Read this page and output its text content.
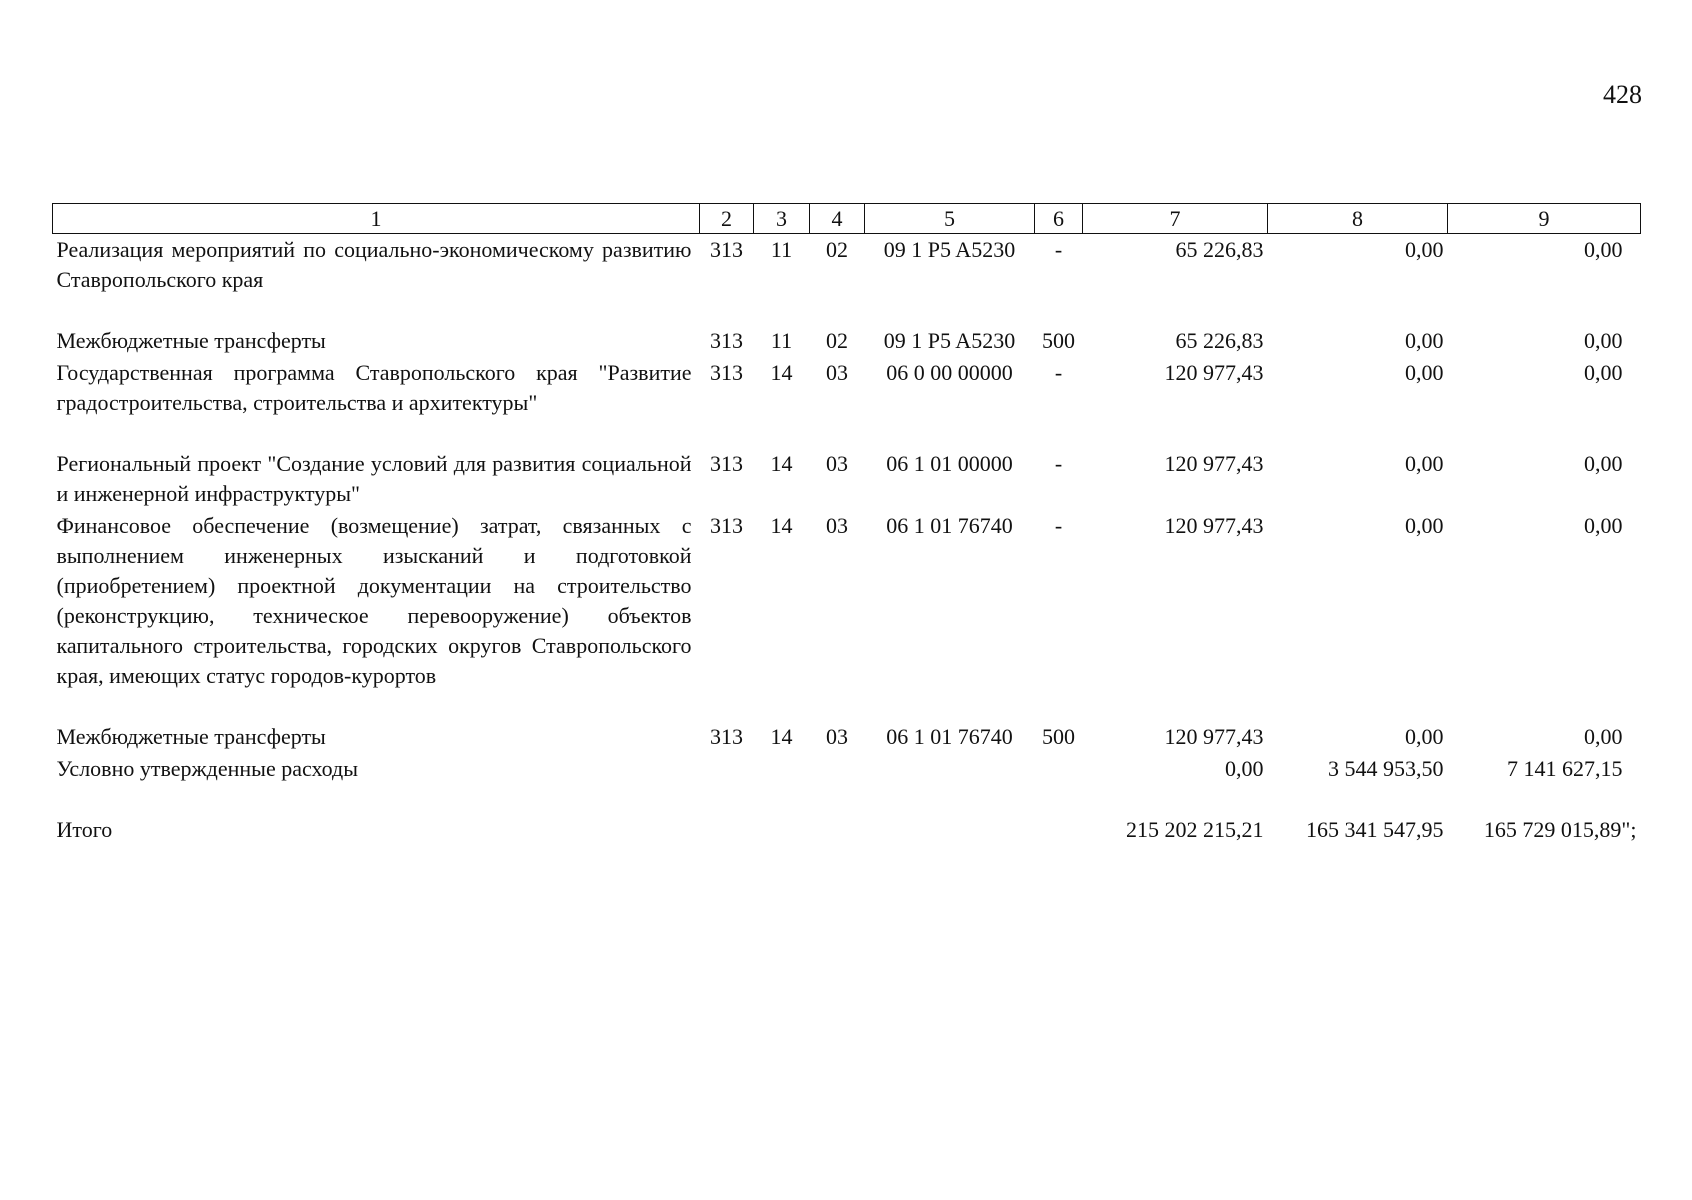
428
1	2	3	4	5	6	7	8	9
Реализация мероприятий по социально-экономическому развитию Ставропольского края	313	11	02	09 1 P5 A5230	-	65 226,83	0,00	0,00
Межбюджетные трансферты	313	11	02	09 1 P5 A5230	500	65 226,83	0,00	0,00
Государственная программа Ставропольского края "Развитие градостроительства, строительства и архитектуры"	313	14	03	06 0 00 00000	-	120 977,43	0,00	0,00
Региональный проект "Создание условий для развития социальной и инженерной инфраструктуры"	313	14	03	06 1 01 00000	-	120 977,43	0,00	0,00
Финансовое обеспечение (возмещение) затрат, связанных с выполнением инженерных изысканий и подготовкой (приобретением) проектной документации на строительство (реконструкцию, техническое перевооружение) объектов капитального строительства, городских округов Ставропольского края, имеющих статус городов-курортов	313	14	03	06 1 01 76740	-	120 977,43	0,00	0,00
Межбюджетные трансферты	313	14	03	06 1 01 76740	500	120 977,43	0,00	0,00
Условно утвержденные расходы						0,00	3 544 953,50	7 141 627,15
Итого						215 202 215,21	165 341 547,95	165 729 015,89";
